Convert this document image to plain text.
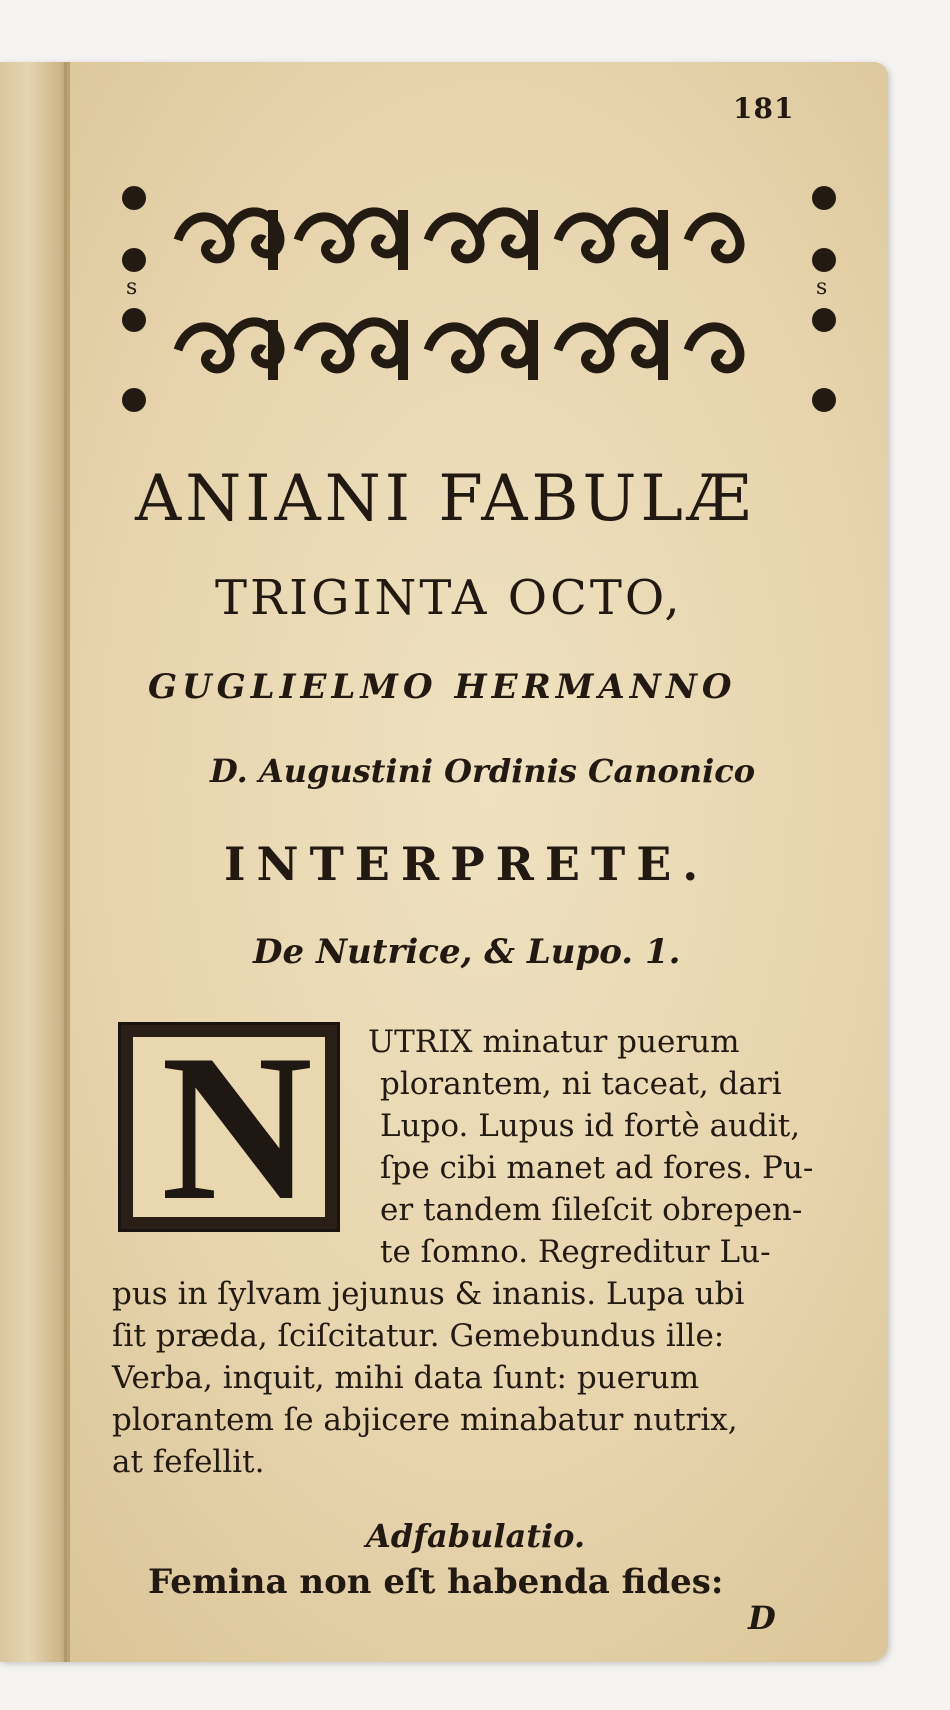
181
s	s
ANIANI FABULÆ
TRIGINTA OCTO,
GUGLIELMO HERMANNO
D. Augustini Ordinis Canonico
INTERPRETE.
De Nutrice, & Lupo. 1.
N UTRIX minatur puerum
plorantem, ni taceat, dari
Lupo. Lupus id fortè audit,
ſpe cibi manet ad fores. Pu-
er tandem ſileſcit obrepen-
te ſomno. Regreditur Lu-
pus in ſylvam jejunus & inanis. Lupa ubi
ſit præda, ſciſcitatur. Gemebundus ille:
Verba, inquit, mihi data ſunt: puerum
plorantem ſe abjicere minabatur nutrix,
at fefellit.
Adfabulatio.
Femina non eſt habenda fides:
D
